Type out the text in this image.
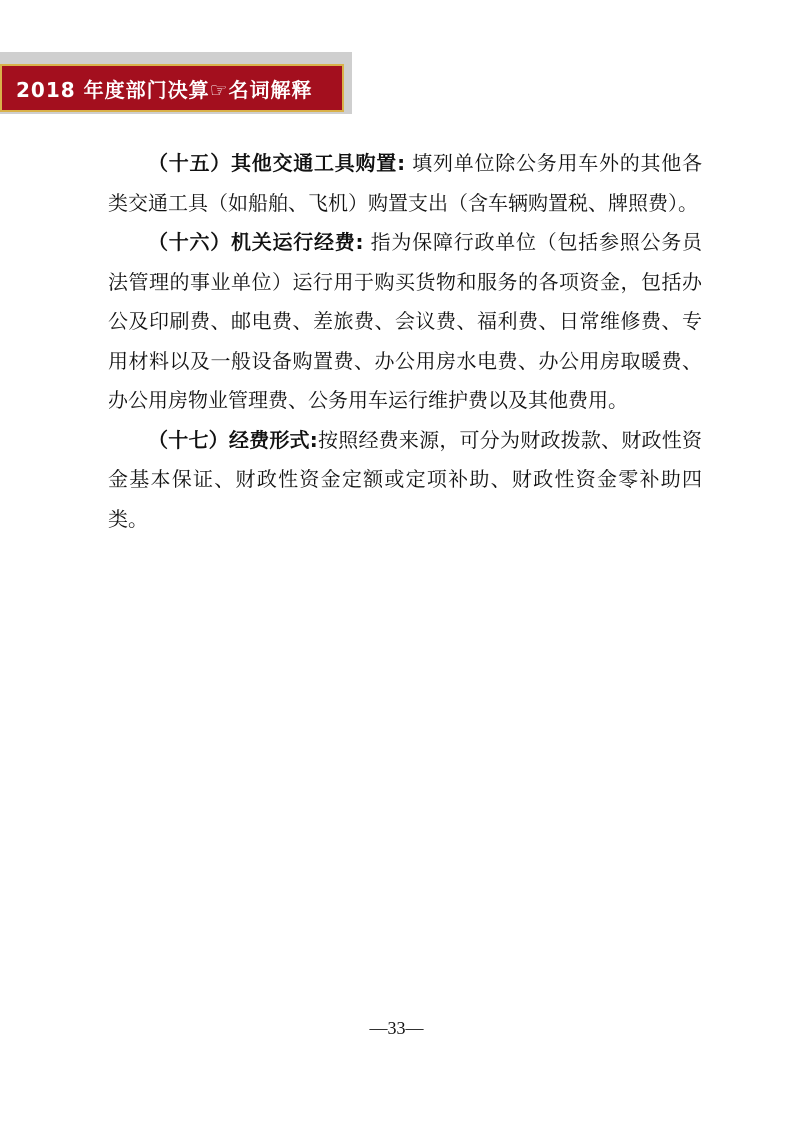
2018 年度部门决算☞名词解释

（十五）其他交通工具购置: 填列单位除公务用车外的其他各类交通工具（如船舶、飞机）购置支出（含车辆购置税、牌照费）。

（十六）机关运行经费: 指为保障行政单位（包括参照公务员法管理的事业单位）运行用于购买货物和服务的各项资金，包括办公及印刷费、邮电费、差旅费、会议费、福利费、日常维修费、专用材料以及一般设备购置费、办公用房水电费、办公用房取暖费、办公用房物业管理费、公务用车运行维护费以及其他费用。

（十七）经费形式:按照经费来源，可分为财政拨款、财政性资金基本保证、财政性资金定额或定项补助、财政性资金零补助四类。

—33—
